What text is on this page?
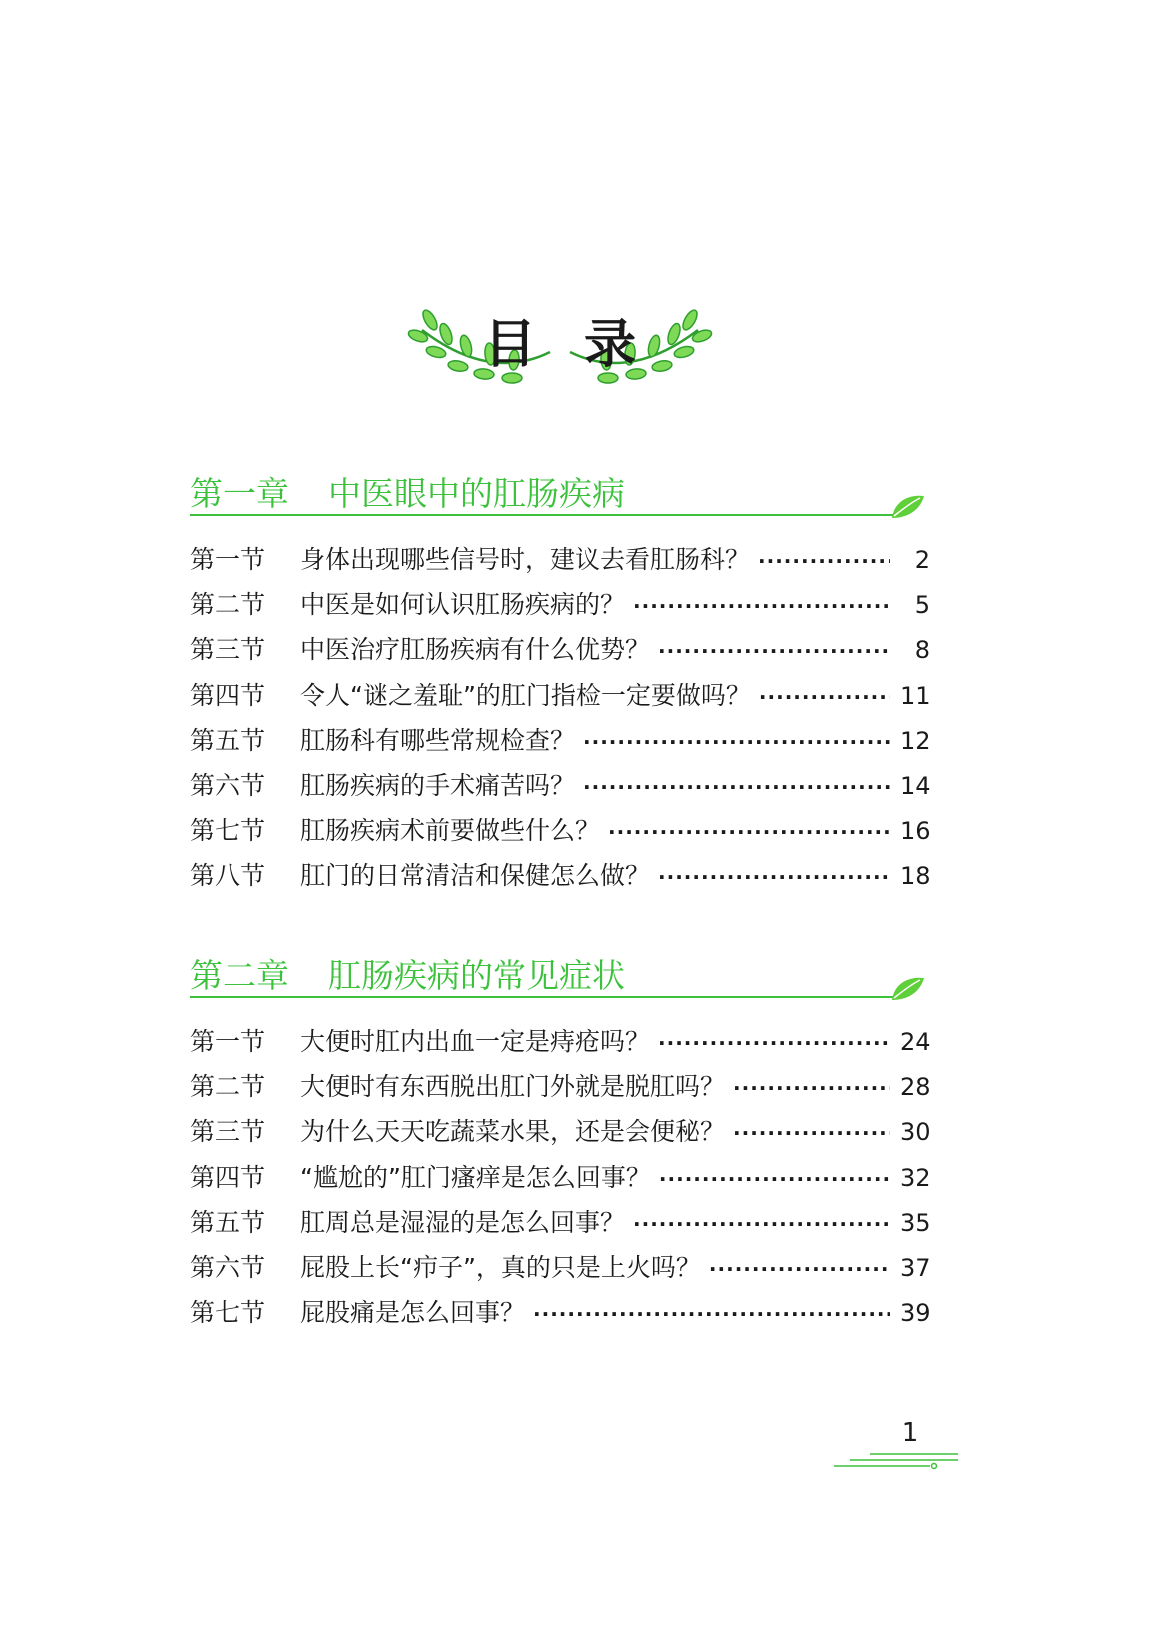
目录
第一章 中医眼中的肛肠疾病
第一节	身体出现哪些信号时，建议去看肛肠科？ ·····	2
第二节	中医是如何认识肛肠疾病的？ ·····	5
第三节	中医治疗肛肠疾病有什么优势？ ·····	8
第四节	令人“谜之羞耻”的肛门指检一定要做吗？ ·····	11
第五节	肛肠科有哪些常规检查？ ·····	12
第六节	肛肠疾病的手术痛苦吗？ ·····	14
第七节	肛肠疾病术前要做些什么？ ·····	16
第八节	肛门的日常清洁和保健怎么做？ ·····	18
第二章 肛肠疾病的常见症状
第一节	大便时肛内出血一定是痔疮吗？ ·····	24
第二节	大便时有东西脱出肛门外就是脱肛吗？ ·····	28
第三节	为什么天天吃蔬菜水果，还是会便秘？ ·····	30
第四节	“尴尬的”肛门瘙痒是怎么回事？ ·····	32
第五节	肛周总是湿湿的是怎么回事？ ·····	35
第六节	屁股上长“疖子”，真的只是上火吗？ ·····	37
第七节	屁股痛是怎么回事？ ·····	39
1
